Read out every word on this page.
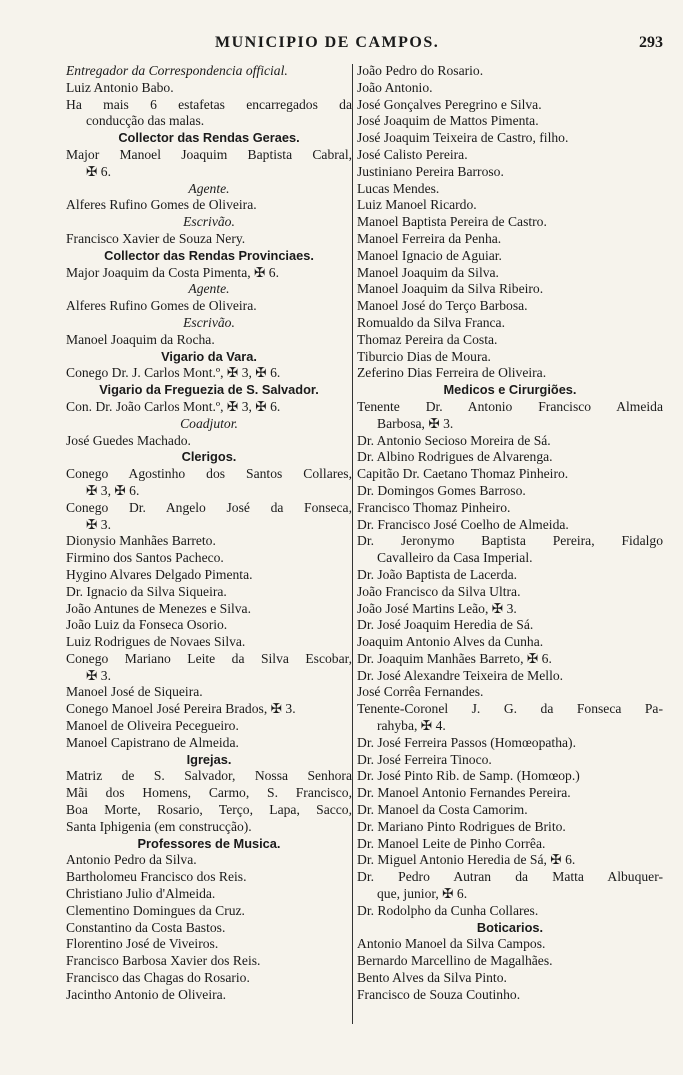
MUNICIPIO DE CAMPOS.	293
Entregador da Correspondencia official.
Luiz Antonio Babo.
Ha mais 6 estafetas encarregados da
conducção das malas.
Collector das Rendas Geraes.
Major Manoel Joaquim Baptista Cabral,
✠ 6.
Agente.
Alferes Rufino Gomes de Oliveira.
Escrivão.
Francisco Xavier de Souza Nery.
Collector das Rendas Provinciaes.
Major Joaquim da Costa Pimenta, ✠ 6.
Agente.
Alferes Rufino Gomes de Oliveira.
Escrivão.
Manoel Joaquim da Rocha.
Vigario da Vara.
Conego Dr. J. Carlos Mont.º, ✠ 3, ✠ 6.
Vigario da Freguezia de S. Salvador.
Con. Dr. João Carlos Mont.º, ✠ 3, ✠ 6.
Coadjutor.
José Guedes Machado.
Clerigos.
Conego Agostinho dos Santos Collares,
✠ 3, ✠ 6.
Conego Dr. Angelo José da Fonseca,
✠ 3.
Dionysio Manhães Barreto.
Firmino dos Santos Pacheco.
Hygino Alvares Delgado Pimenta.
Dr. Ignacio da Silva Siqueira.
João Antunes de Menezes e Silva.
João Luiz da Fonseca Osorio.
Luiz Rodrigues de Novaes Silva.
Conego Mariano Leite da Silva Escobar,
✠ 3.
Manoel José de Siqueira.
Conego Manoel José Pereira Brados, ✠ 3.
Manoel de Oliveira Pecegueiro.
Manoel Capistrano de Almeida.
Igrejas.
Matriz de S. Salvador, Nossa Senhora
Mãi dos Homens, Carmo, S. Francisco,
Boa Morte, Rosario, Terço, Lapa, Sacco,
Santa Iphigenia (em construcção).
Professores de Musica.
Antonio Pedro da Silva.
Bartholomeu Francisco dos Reis.
Christiano Julio d'Almeida.
Clementino Domingues da Cruz.
Constantino da Costa Bastos.
Florentino José de Viveiros.
Francisco Barbosa Xavier dos Reis.
Francisco das Chagas do Rosario.
Jacintho Antonio de Oliveira.
João Pedro do Rosario.
João Antonio.
José Gonçalves Peregrino e Silva.
José Joaquim de Mattos Pimenta.
José Joaquim Teixeira de Castro, filho.
José Calisto Pereira.
Justiniano Pereira Barroso.
Lucas Mendes.
Luiz Manoel Ricardo.
Manoel Baptista Pereira de Castro.
Manoel Ferreira da Penha.
Manoel Ignacio de Aguiar.
Manoel Joaquim da Silva.
Manoel Joaquim da Silva Ribeiro.
Manoel José do Terço Barbosa.
Romualdo da Silva Franca.
Thomaz Pereira da Costa.
Tiburcio Dias de Moura.
Zeferino Dias Ferreira de Oliveira.
Medicos e Cirurgiões.
Tenente Dr. Antonio Francisco Almeida
Barbosa, ✠ 3.
Dr. Antonio Secioso Moreira de Sá.
Dr. Albino Rodrigues de Alvarenga.
Capitão Dr. Caetano Thomaz Pinheiro.
Dr. Domingos Gomes Barroso.
Francisco Thomaz Pinheiro.
Dr. Francisco José Coelho de Almeida.
Dr. Jeronymo Baptista Pereira, Fidalgo
Cavalleiro da Casa Imperial.
Dr. João Baptista de Lacerda.
João Francisco da Silva Ultra.
João José Martins Leão, ✠ 3.
Dr. José Joaquim Heredia de Sá.
Joaquim Antonio Alves da Cunha.
Dr. Joaquim Manhães Barreto, ✠ 6.
Dr. José Alexandre Teixeira de Mello.
José Corrêa Fernandes.
Tenente-Coronel J. G. da Fonseca Pa-
rahyba, ✠ 4.
Dr. José Ferreira Passos (Homœopatha).
Dr. José Ferreira Tinoco.
Dr. José Pinto Rib. de Samp. (Homœop.)
Dr. Manoel Antonio Fernandes Pereira.
Dr. Manoel da Costa Camorim.
Dr. Mariano Pinto Rodrigues de Brito.
Dr. Manoel Leite de Pinho Corrêa.
Dr. Miguel Antonio Heredia de Sá, ✠ 6.
Dr. Pedro Autran da Matta Albuquer-
que, junior, ✠ 6.
Dr. Rodolpho da Cunha Collares.
Boticarios.
Antonio Manoel da Silva Campos.
Bernardo Marcellino de Magalhães.
Bento Alves da Silva Pinto.
Francisco de Souza Coutinho.
